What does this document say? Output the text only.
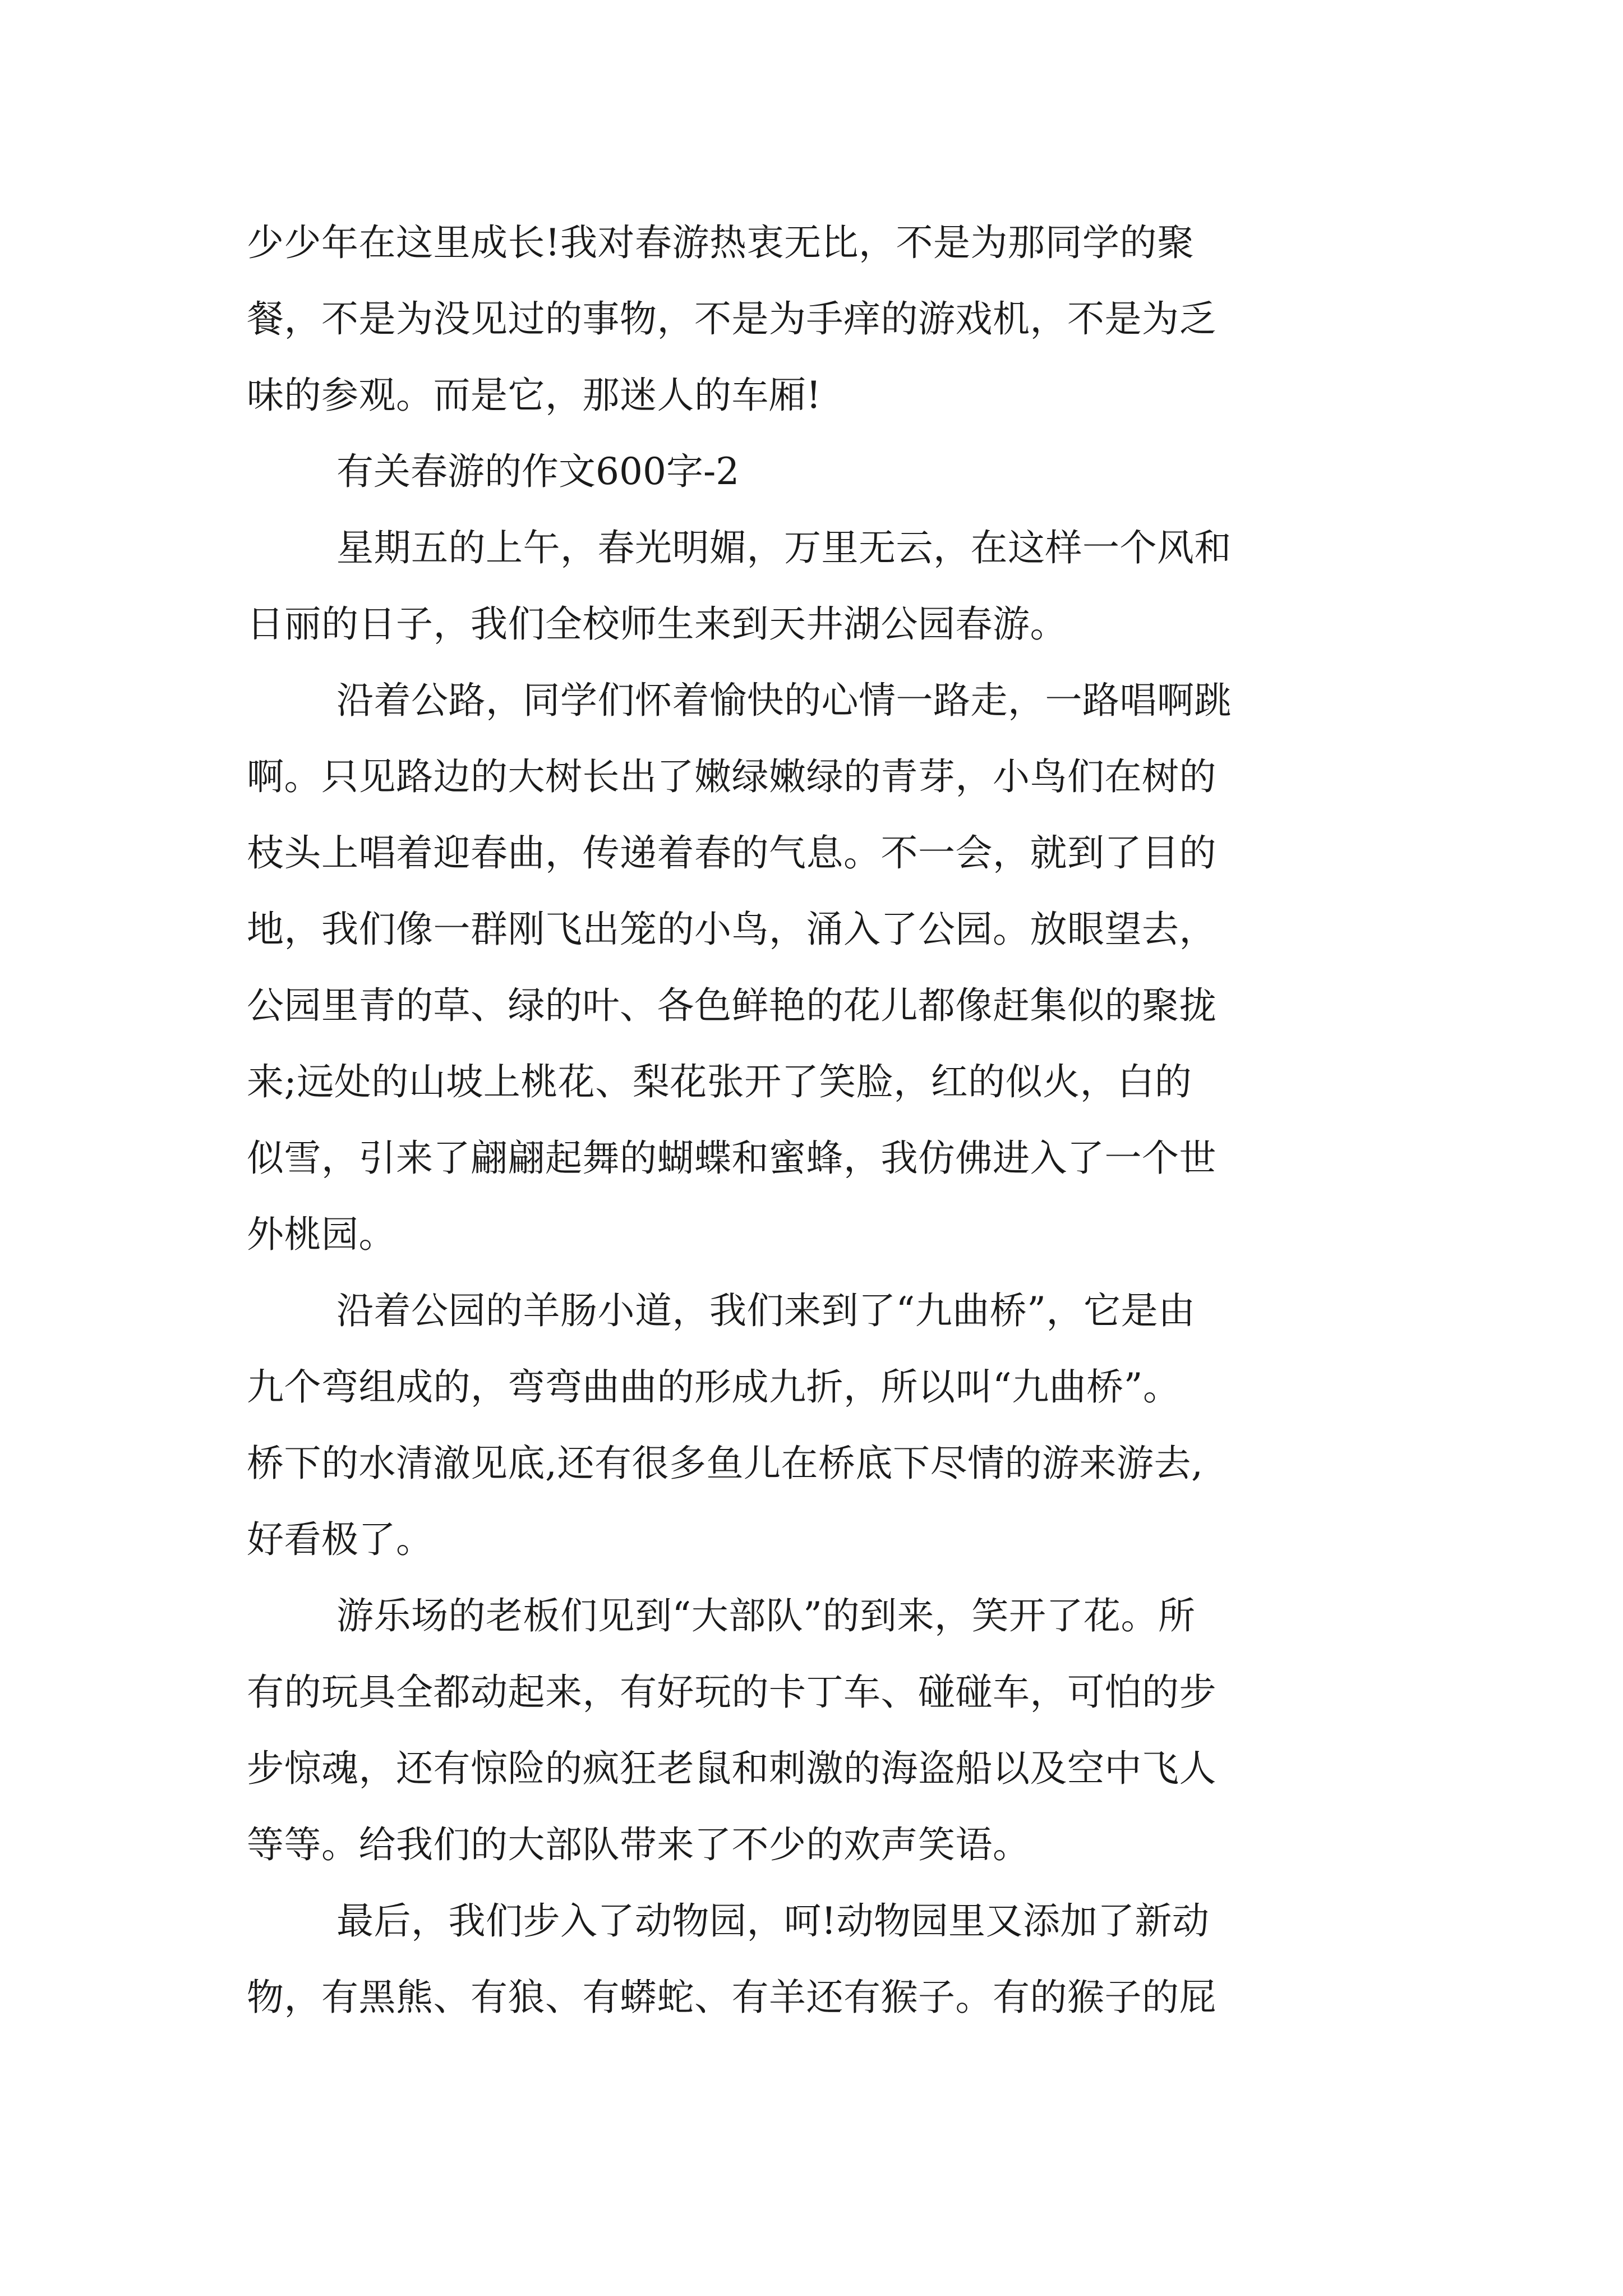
少少年在这里成长!我对春游热衷无比，不是为那同学的聚
餐，不是为没见过的事物，不是为手痒的游戏机，不是为乏
味的参观。而是它，那迷人的车厢!
有关春游的作文600字-2
星期五的上午，春光明媚，万里无云，在这样一个风和
日丽的日子，我们全校师生来到天井湖公园春游。
沿着公路，同学们怀着愉快的心情一路走，一路唱啊跳
啊。只见路边的大树长出了嫩绿嫩绿的青芽，小鸟们在树的
枝头上唱着迎春曲，传递着春的气息。不一会，就到了目的
地，我们像一群刚飞出笼的小鸟，涌入了公园。放眼望去，
公园里青的草、绿的叶、各色鲜艳的花儿都像赶集似的聚拢
来;远处的山坡上桃花、梨花张开了笑脸，红的似火，白的
似雪，引来了翩翩起舞的蝴蝶和蜜蜂，我仿佛进入了一个世
外桃园。
沿着公园的羊肠小道，我们来到了“九曲桥”，它是由
九个弯组成的，弯弯曲曲的形成九折，所以叫“九曲桥”。
桥下的水清澈见底,还有很多鱼儿在桥底下尽情的游来游去,
好看极了。
游乐场的老板们见到“大部队”的到来，笑开了花。所
有的玩具全都动起来，有好玩的卡丁车、碰碰车，可怕的步
步惊魂，还有惊险的疯狂老鼠和刺激的海盗船以及空中飞人
等等。给我们的大部队带来了不少的欢声笑语。
最后，我们步入了动物园，呵!动物园里又添加了新动
物，有黑熊、有狼、有蟒蛇、有羊还有猴子。有的猴子的屁
